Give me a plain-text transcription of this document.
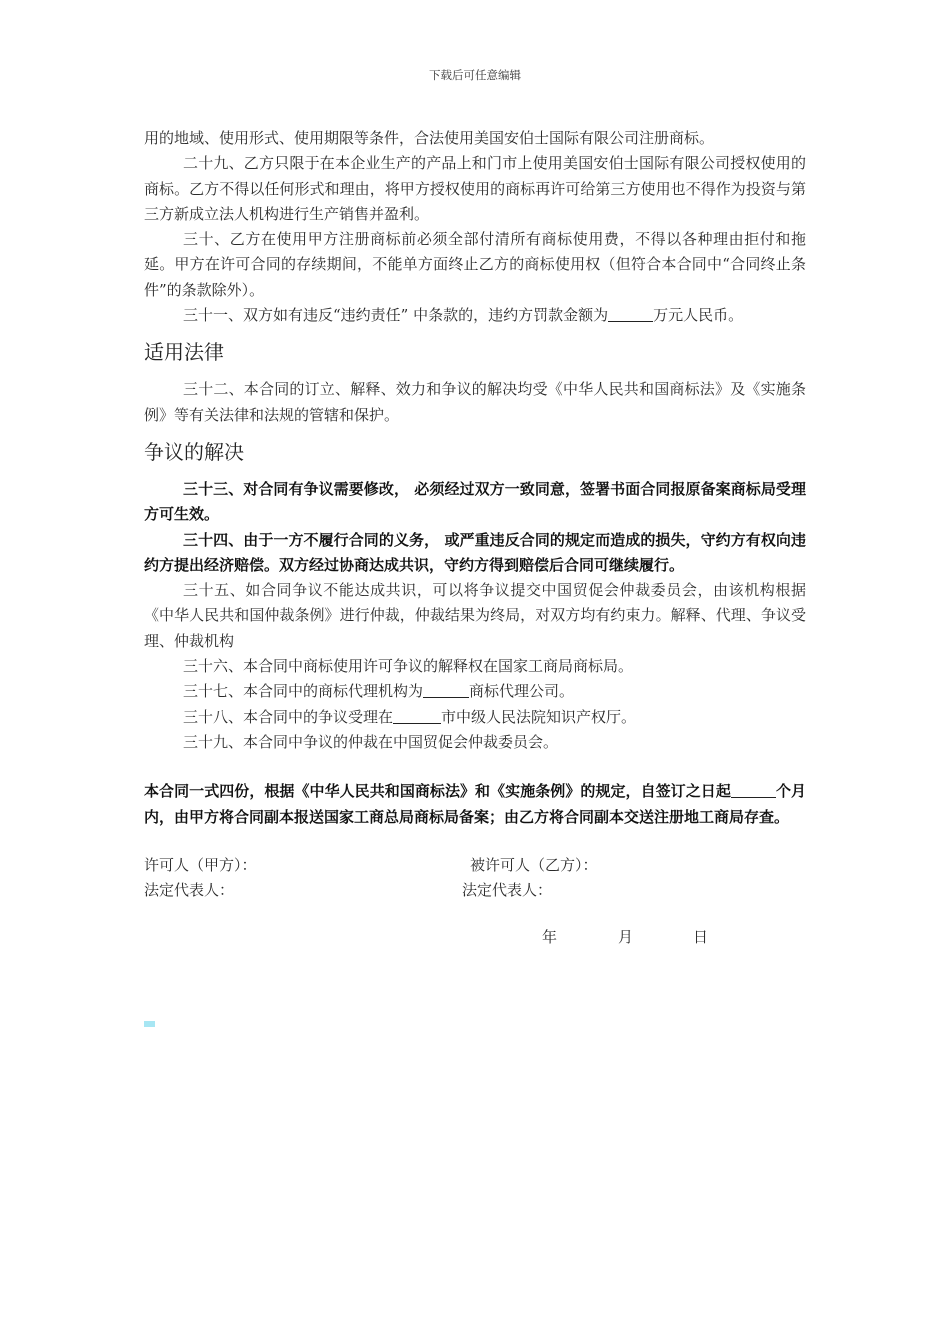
下载后可任意编辑

用的地域、使用形式、使用期限等条件，合法使用美国安伯士国际有限公司注册商标。

二十九、乙方只限于在本企业生产的产品上和门市上使用美国安伯士国际有限公司授权使用的商标。乙方不得以任何形式和理由，将甲方授权使用的商标再许可给第三方使用也不得作为投资与第三方新成立法人机构进行生产销售并盈利。

三十、乙方在使用甲方注册商标前必须全部付清所有商标使用费，不得以各种理由拒付和拖延。甲方在许可合同的存续期间，不能单方面终止乙方的商标使用权（但符合本合同中“合同终止条件”的条款除外）。

三十一、双方如有违反“违约责任” 中条款的，违约方罚款金额为	万元人民币。

适用法律

三十二、本合同的订立、解释、效力和争议的解决均受《中华人民共和国商标法》及《实施条例》等有关法律和法规的管辖和保护。

争议的解决

三十三、对合同有争议需要修改， 必须经过双方一致同意，签署书面合同报原备案商标局受理方可生效。

三十四、由于一方不履行合同的义务， 或严重违反合同的规定而造成的损失，守约方有权向违约方提出经济赔偿。双方经过协商达成共识，守约方得到赔偿后合同可继续履行。

三十五、如合同争议不能达成共识，可以将争议提交中国贸促会仲裁委员会，由该机构根据《中华人民共和国仲裁条例》进行仲裁，仲裁结果为终局，对双方均有约束力。解释、代理、争议受理、仲裁机构

三十六、本合同中商标使用许可争议的解释权在国家工商局商标局。

三十七、本合同中的商标代理机构为	商标代理公司。

三十八、本合同中的争议受理在	市中级人民法院知识产权厅。

三十九、本合同中争议的仲裁在中国贸促会仲裁委员会。

本合同一式四份，根据《中华人民共和国商标法》和《实施条例》的规定，自签订之日起	个月内，由甲方将合同副本报送国家工商总局商标局备案；由乙方将合同副本交送注册地工商局存查。

许可人（甲方）：	被许可人（乙方）：
法定代表人：	法定代表人：
年	月	日
